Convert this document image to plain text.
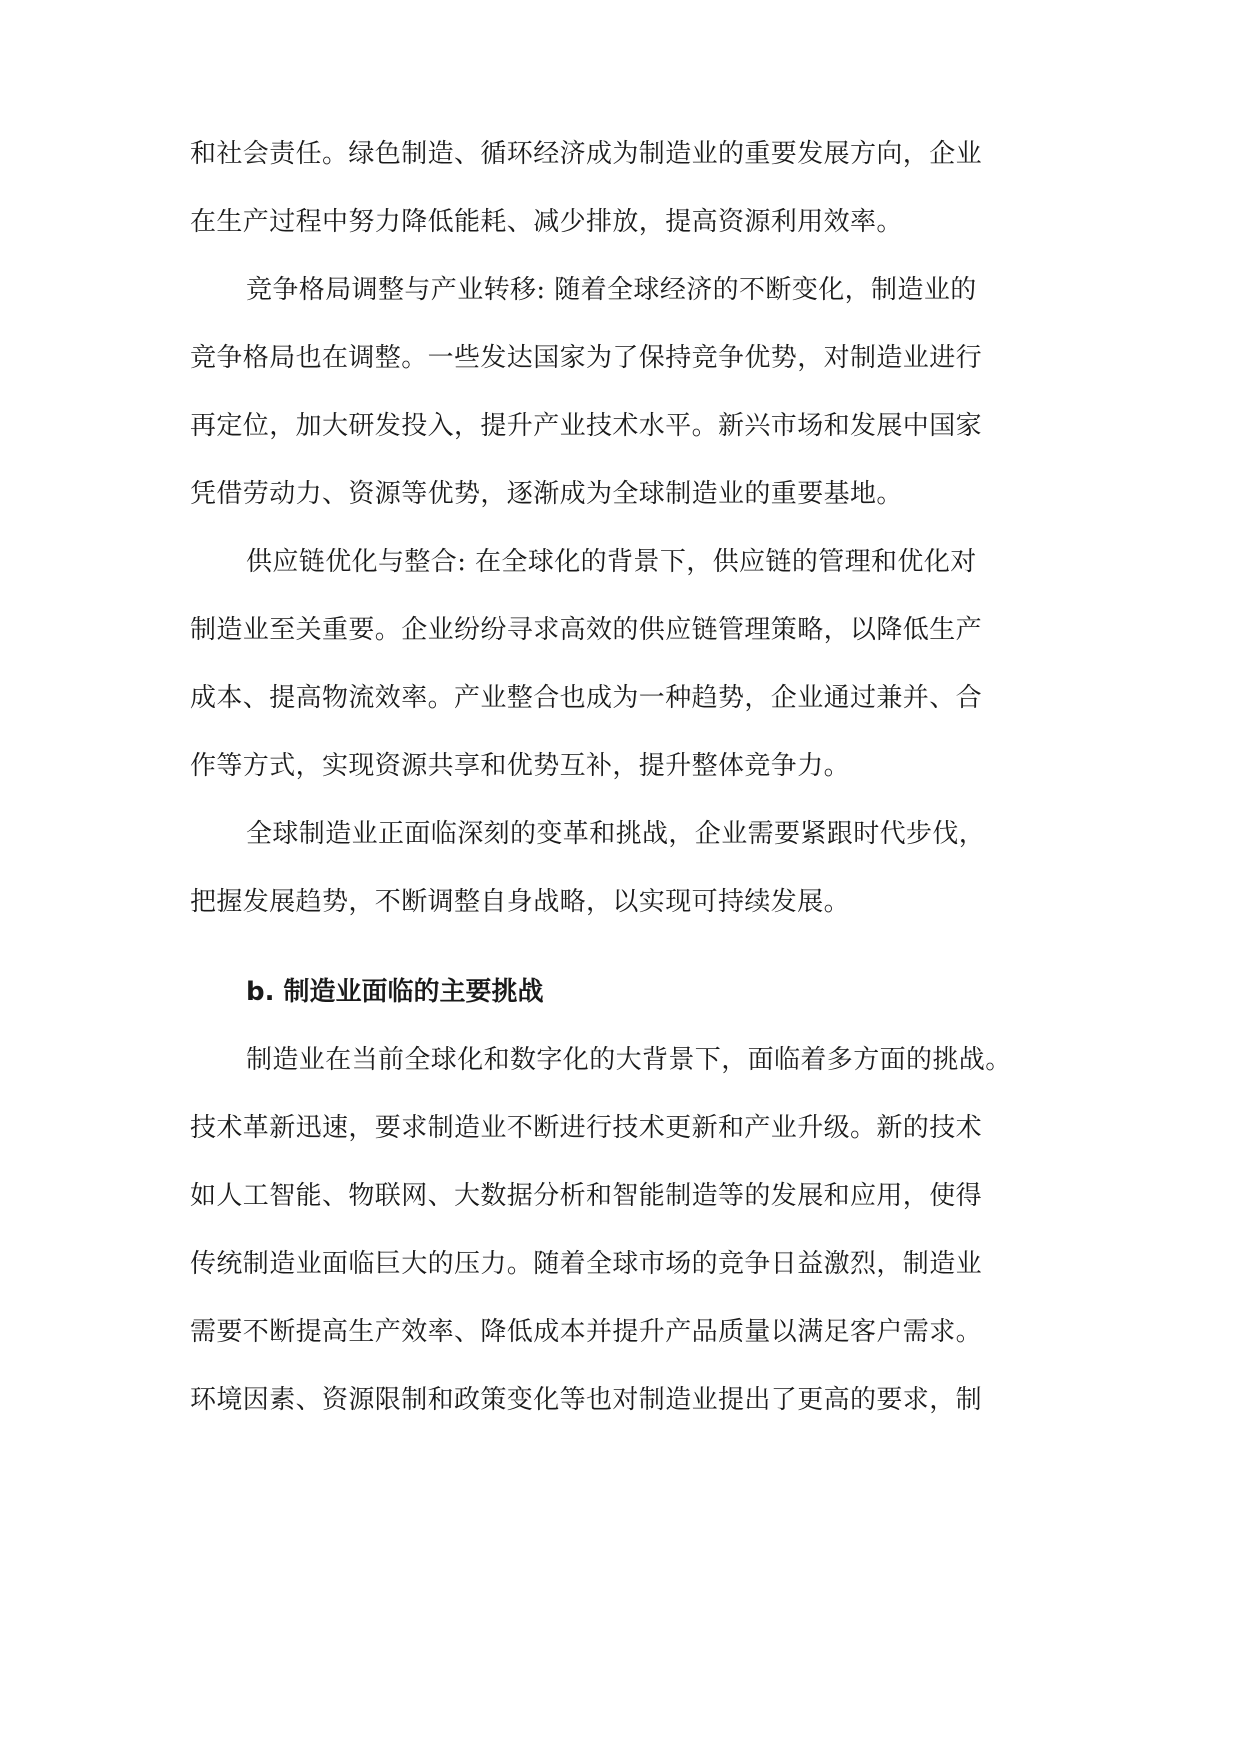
和社会责任。绿色制造、循环经济成为制造业的重要发展方向，企业
在生产过程中努力降低能耗、减少排放，提高资源利用效率。
竞争格局调整与产业转移: 随着全球经济的不断变化，制造业的
竞争格局也在调整。一些发达国家为了保持竞争优势，对制造业进行
再定位，加大研发投入，提升产业技术水平。新兴市场和发展中国家
凭借劳动力、资源等优势，逐渐成为全球制造业的重要基地。
供应链优化与整合: 在全球化的背景下，供应链的管理和优化对
制造业至关重要。企业纷纷寻求高效的供应链管理策略，以降低生产
成本、提高物流效率。产业整合也成为一种趋势，企业通过兼并、合
作等方式，实现资源共享和优势互补，提升整体竞争力。
全球制造业正面临深刻的变革和挑战，企业需要紧跟时代步伐，
把握发展趋势，不断调整自身战略，以实现可持续发展。
b. 制造业面临的主要挑战
制造业在当前全球化和数字化的大背景下，面临着多方面的挑战。
技术革新迅速，要求制造业不断进行技术更新和产业升级。新的技术
如人工智能、物联网、大数据分析和智能制造等的发展和应用，使得
传统制造业面临巨大的压力。随着全球市场的竞争日益激烈，制造业
需要不断提高生产效率、降低成本并提升产品质量以满足客户需求。
环境因素、资源限制和政策变化等也对制造业提出了更高的要求，制
